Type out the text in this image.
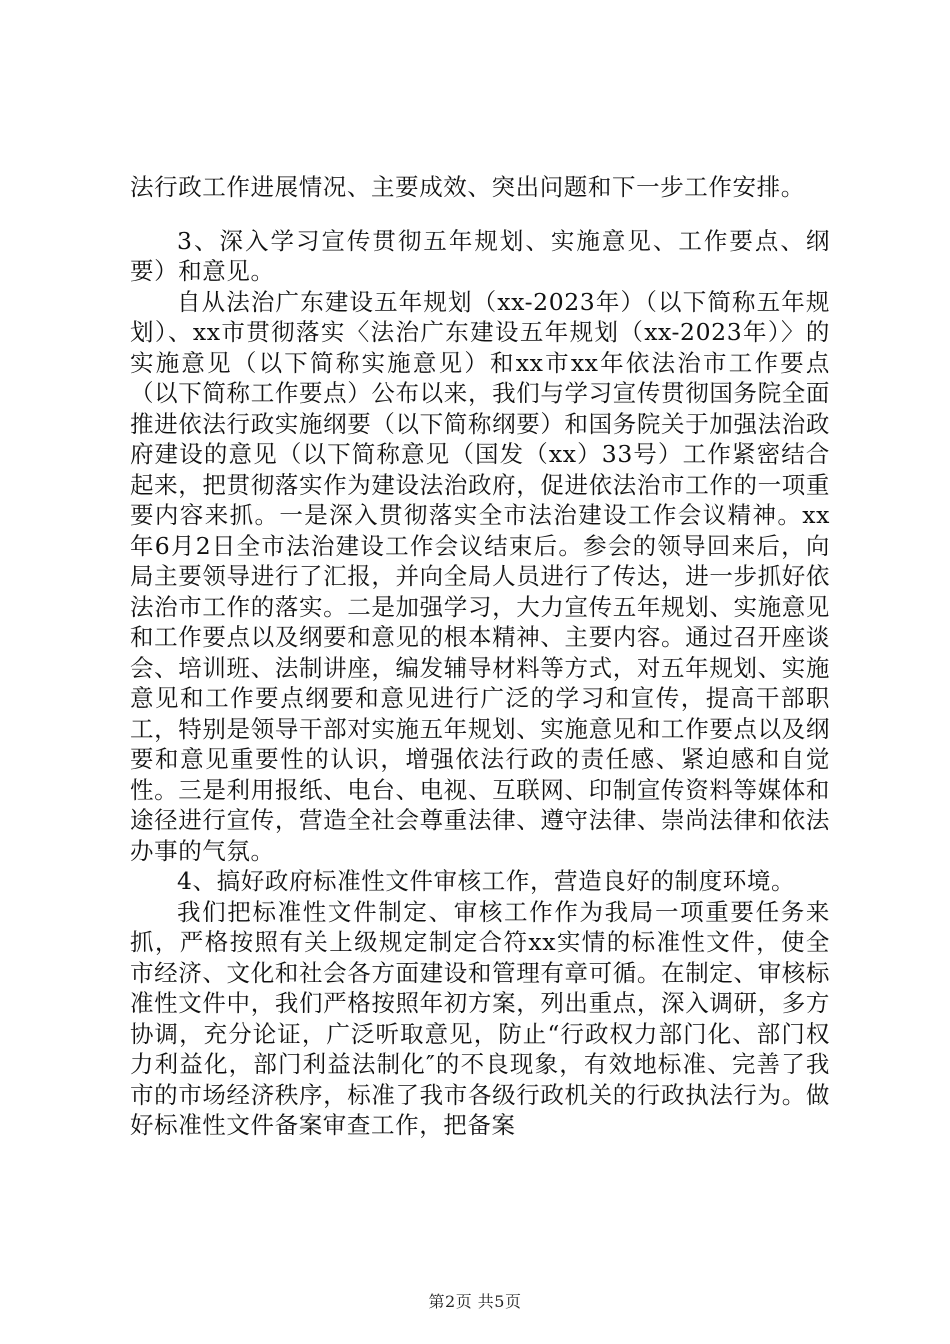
法行政工作进展情况、主要成效、突出问题和下一步工作安排。

3、深入学习宣传贯彻五年规划、实施意见、工作要点、纲要）和意见。

自从法治广东建设五年规划（xx-2023年）（以下简称五年规划）、xx市贯彻落实〈法治广东建设五年规划（xx-2023年）〉的实施意见（以下简称实施意见）和xx市xx年依法治市工作要点（以下简称工作要点）公布以来，我们与学习宣传贯彻国务院全面推进依法行政实施纲要（以下简称纲要）和国务院关于加强法治政府建设的意见（以下简称意见（国发（xx）33号）工作紧密结合起来，把贯彻落实作为建设法治政府，促进依法治市工作的一项重要内容来抓。一是深入贯彻落实全市法治建设工作会议精神。xx年6月2日全市法治建设工作会议结束后。参会的领导回来后，向局主要领导进行了汇报，并向全局人员进行了传达，进一步抓好依法治市工作的落实。二是加强学习，大力宣传五年规划、实施意见和工作要点以及纲要和意见的根本精神、主要内容。通过召开座谈会、培训班、法制讲座，编发辅导材料等方式，对五年规划、实施意见和工作要点纲要和意见进行广泛的学习和宣传，提高干部职工，特别是领导干部对实施五年规划、实施意见和工作要点以及纲要和意见重要性的认识，增强依法行政的责任感、紧迫感和自觉性。三是利用报纸、电台、电视、互联网、印制宣传资料等媒体和途径进行宣传，营造全社会尊重法律、遵守法律、崇尚法律和依法办事的气氛。

4、搞好政府标准性文件审核工作，营造良好的制度环境。

我们把标准性文件制定、审核工作作为我局一项重要任务来抓，严格按照有关上级规定制定合符xx实情的标准性文件，使全市经济、文化和社会各方面建设和管理有章可循。在制定、审核标准性文件中，我们严格按照年初方案，列出重点，深入调研，多方协调，充分论证，广泛听取意见，防止“行政权力部门化、部门权力利益化，部门利益法制化″的不良现象，有效地标准、完善了我市的市场经济秩序，标准了我市各级行政机关的行政执法行为。做好标准性文件备案审查工作，把备案

第2页 共5页
